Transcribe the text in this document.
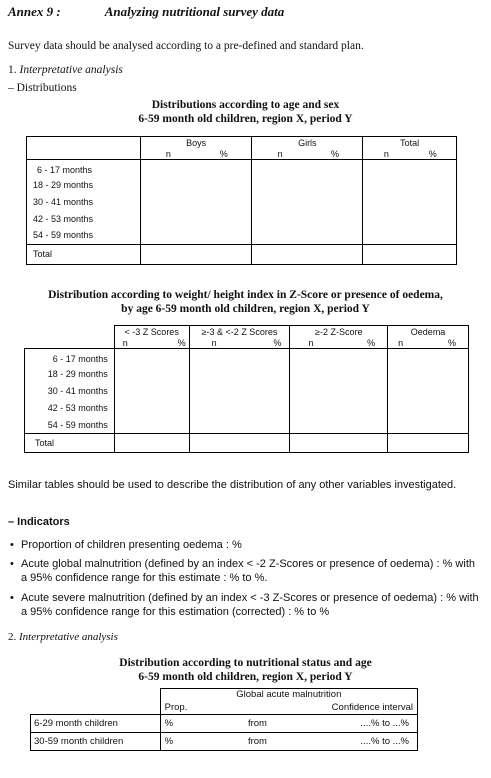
Annex 9 :	Analyzing nutritional survey data
Survey data should be analysed according to a pre-defined and standard plan.
1. Interpretative analysis
– Distributions
Distributions according to age and sex
6-59 month old children, region X, period Y
	Boys		Girls		Total	
	n	%	n	%	n	%
6 - 17 months						
18 - 29 months						
30 - 41 months						
42 - 53 months						
54 - 59 months						
Total						
Distribution according to weight/ height index in Z-Score or presence of oedema,
by age 6-59 month old children, region X, period Y
	< -3 Z Scores		≥-3 & <-2 Z Scores		≥-2 Z-Score		Oedema	
	n	%	n	%	n	%	n	%
6 - 17 months								
18 - 29 months								
30 - 41 months								
42 - 53 months								
54 - 59 months								
Total								
Similar tables should be used to describe the distribution of any other variables investigated.
– Indicators
• Proportion of children presenting oedema : %
• Acute global malnutrition (defined by an index < -2 Z-Scores or presence of oedema) : % with a 95% confidence range for this estimate : % to %.
• Acute severe malnutrition (defined by an index < -3 Z-Scores or presence of oedema) : % with a 95% confidence range for this estimation (corrected) : % to %
2. Interpretative analysis
Distribution according to nutritional status and age
6-59 month old children, region X, period Y
	Global acute malnutrition		
	Prop.	Confidence interval	
6-29 month children	%	from	....% to ...%
30-59 month children	%	from	....% to ...%
